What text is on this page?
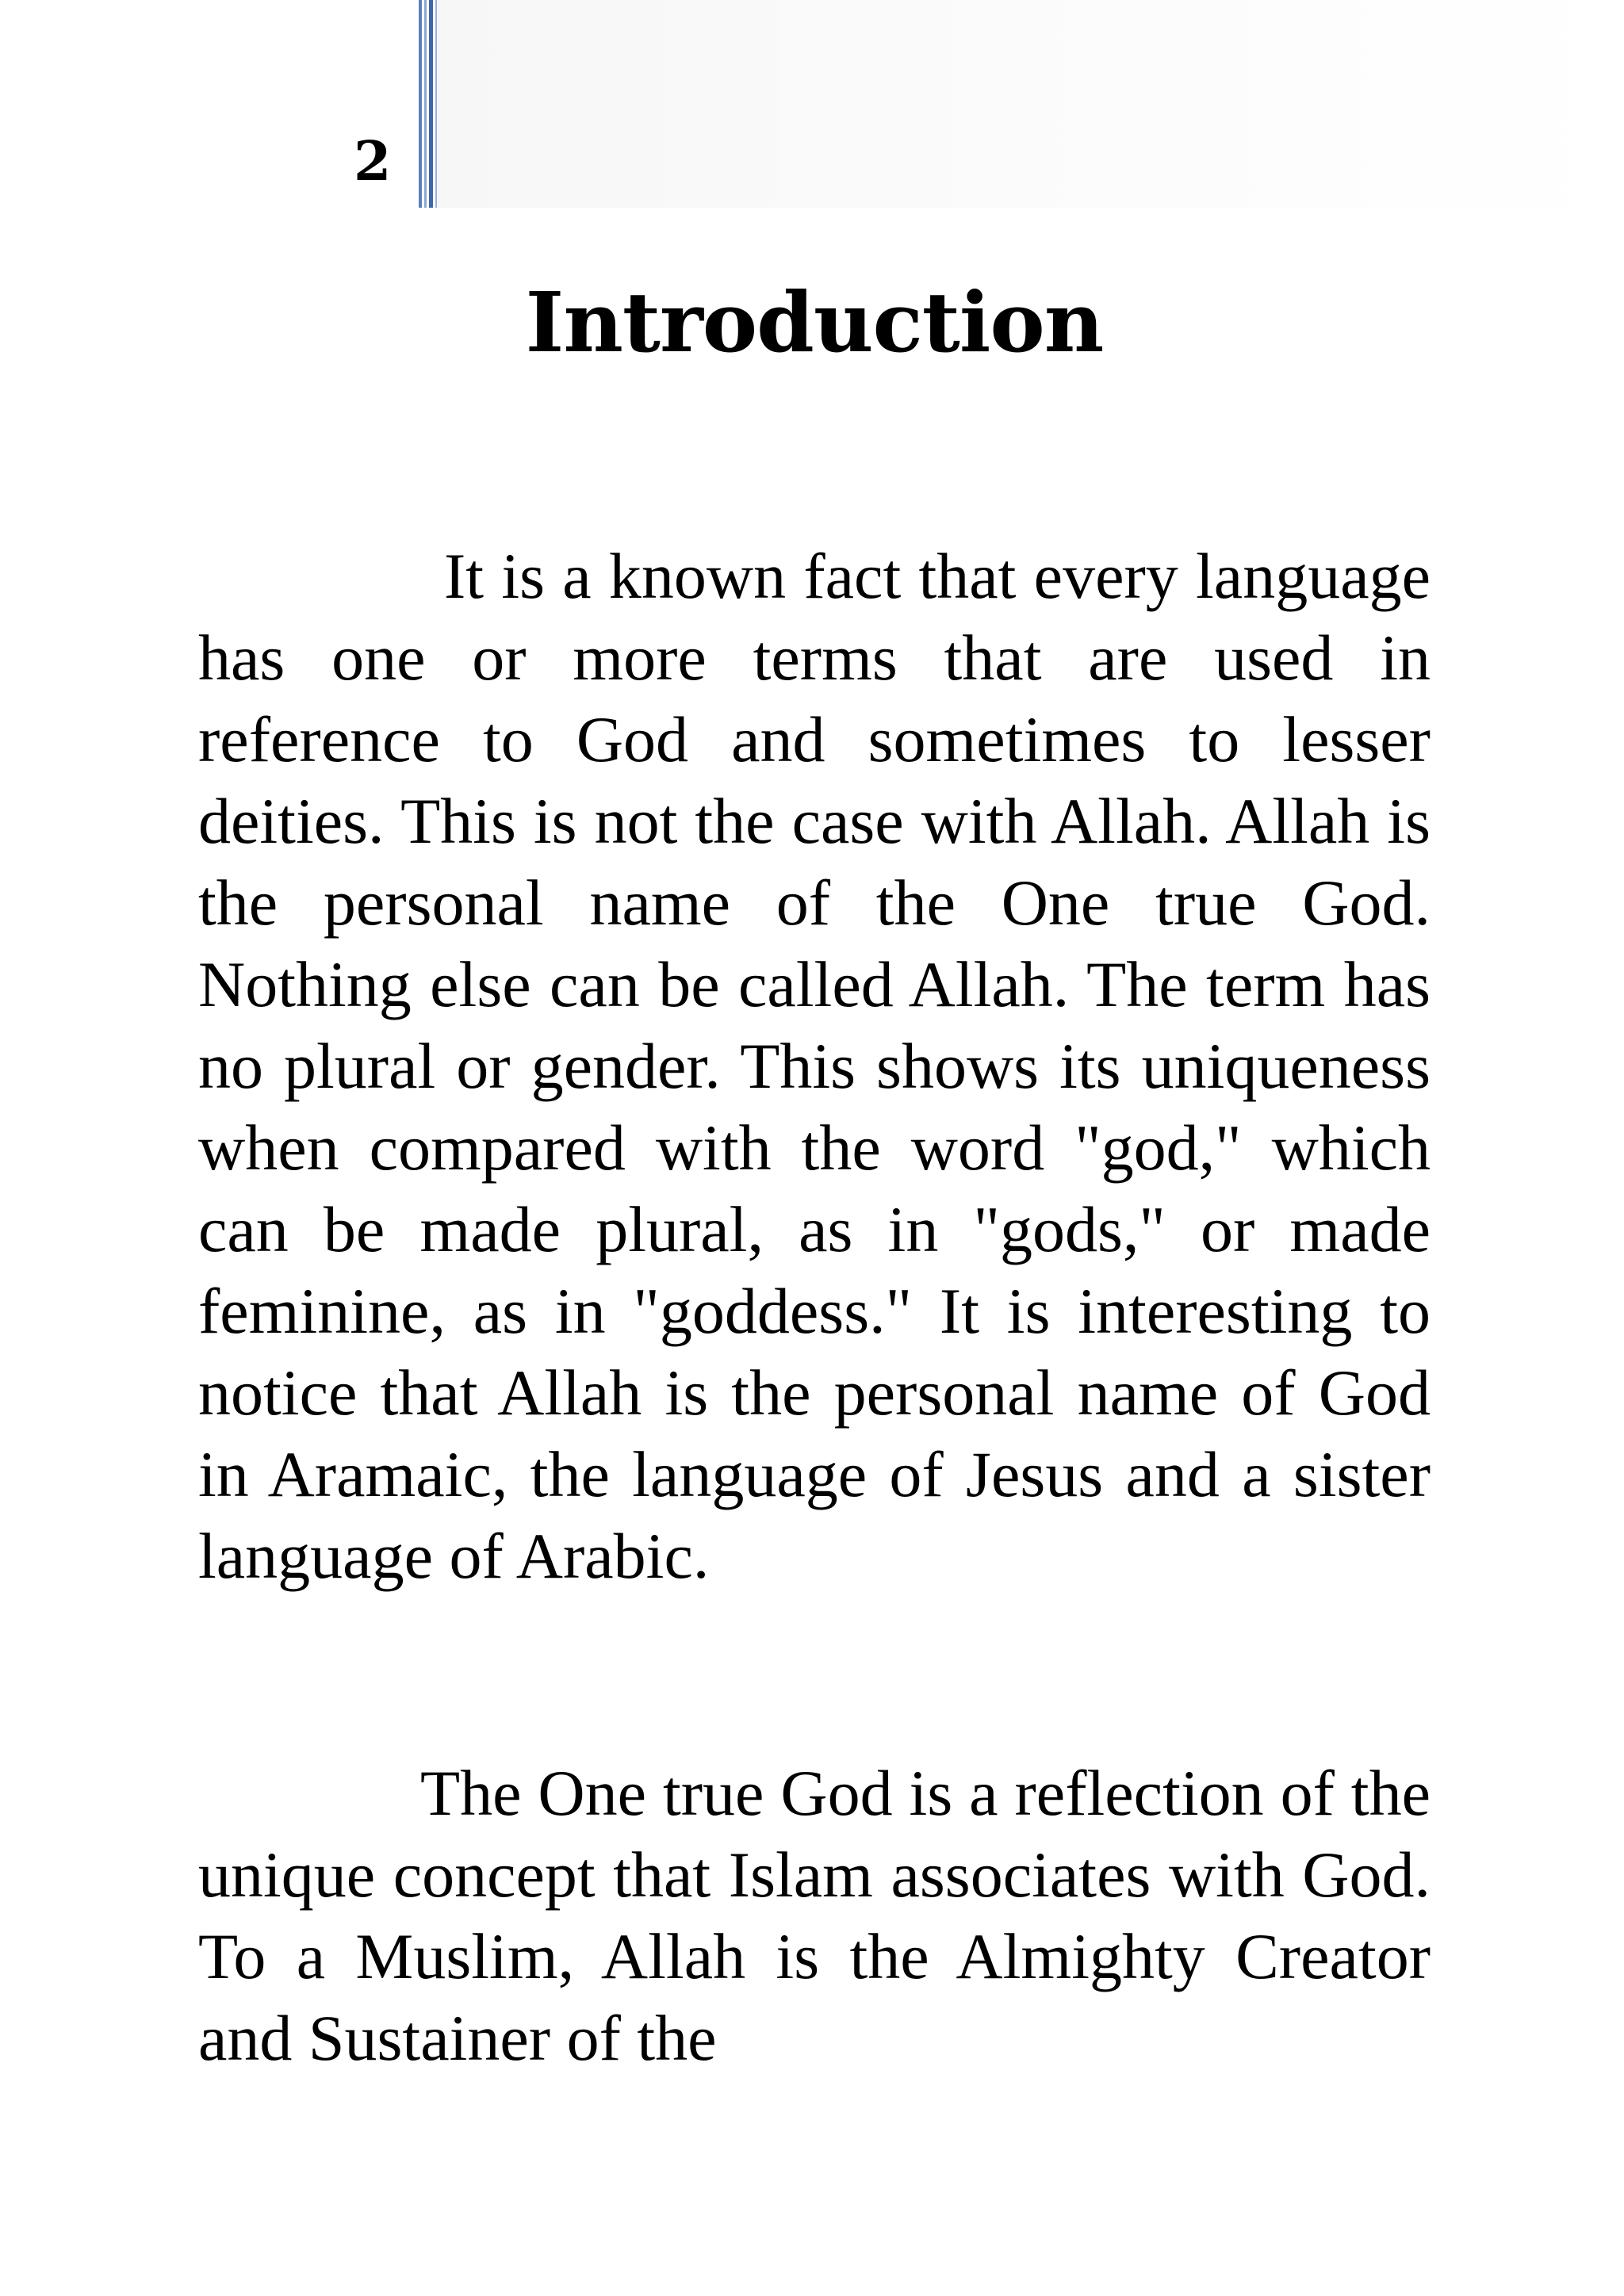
2
Introduction

It is a known fact that every language has one or more terms that are used in reference to God and sometimes to lesser deities. This is not the case with Allah. Allah is the personal name of the One true God. Nothing else can be called Allah. The term has no plural or gender. This shows its uniqueness when compared with the word "god," which can be made plural, as in "gods," or made feminine, as in "goddess." It is interesting to notice that Allah is the personal name of God in Aramaic, the language of Jesus and a sister language of Arabic.

The One true God is a reflection of the unique concept that Islam associates with God. To a Muslim, Allah is the Almighty Creator and Sustainer of the
